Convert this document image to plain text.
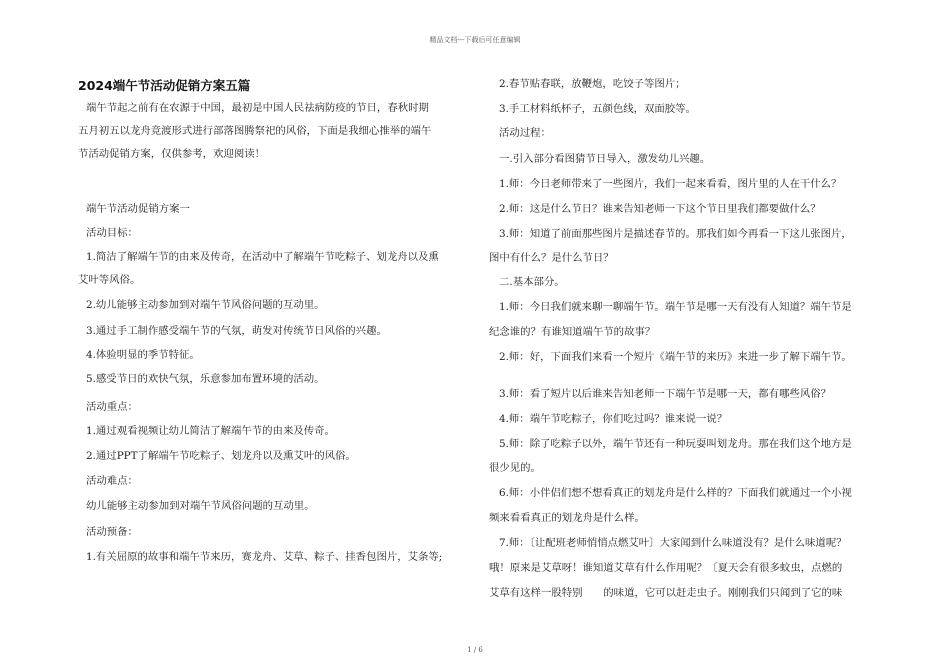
精品文档---下载后可任意编辑
2024端午节活动促销方案五篇
端午节起之前有在农源于中国，最初是中国人民祛病防疫的节日，春秋时期
五月初五以龙舟竞渡形式进行部落图腾祭祀的风俗，下面是我细心推举的端午
节活动促销方案，仅供参考，欢迎阅读！
端午节活动促销方案一
活动目标：
1.简洁了解端午节的由来及传奇，在活动中了解端午节吃粽子、划龙舟以及熏
艾叶等风俗。
2.幼儿能够主动参加到对端午节风俗问题的互动里。
3.通过手工制作感受端午节的气氛，萌发对传统节日风俗的兴趣。
4.体验明显的季节特征。
5.感受节日的欢快气氛，乐意参加布置环境的活动。
活动重点：
1.通过观看视频让幼儿简洁了解端午节的由来及传奇。
2.通过PPT了解端午节吃粽子、划龙舟以及熏艾叶的风俗。
活动难点：
幼儿能够主动参加到对端午节风俗问题的互动里。
活动预备：
1.有关屈原的故事和端午节来历，赛龙舟、艾草、粽子、挂香包图片，艾条等;
2.春节贴春联，放鞭炮，吃饺子等图片；
3.手工材料纸杯子，五颜色线，双面胶等。
活动过程：
一.引入部分看图猜节日导入，激发幼儿兴趣。
1.师：今日老师带来了一些图片，我们一起来看看，图片里的人在干什么？
2.师：这是什么节日？谁来告知老师一下这个节日里我们都要做什么？
3.师：知道了前面那些图片是描述春节的。那我们如今再看一下这儿张图片，
图中有什么？是什么节日？
二.基本部分。
1.师：今日我们就来聊一聊端午节。端午节是哪一天有没有人知道？端午节是
纪念谁的？有谁知道端午节的故事？
2.师：好，下面我们来看一个短片《端午节的来历》来进一步了解下端午节。
3.师：看了短片以后谁来告知老师一下端午节是哪一天，都有哪些风俗？
4.师：端午节吃粽子，你们吃过吗？谁来说一说？
5.师：除了吃粽子以外，端午节还有一种玩耍叫划龙舟。那在我们这个地方是
很少见的。
6.师：小伴侣们想不想看真正的划龙舟是什么样的？下面我们就通过一个小视
频来看看真正的划龙舟是什么样。
7.师：〔让配班老师悄悄点燃艾叶〕大家闻到什么味道没有？是什么味道呢？
哦！原来是艾草呀！谁知道艾草有什么作用呢？〔夏天会有很多蚊虫，点燃的
艾草有这样一股特别　　的味道，它可以赶走虫子。刚刚我们只闻到了它的味
1 / 6
